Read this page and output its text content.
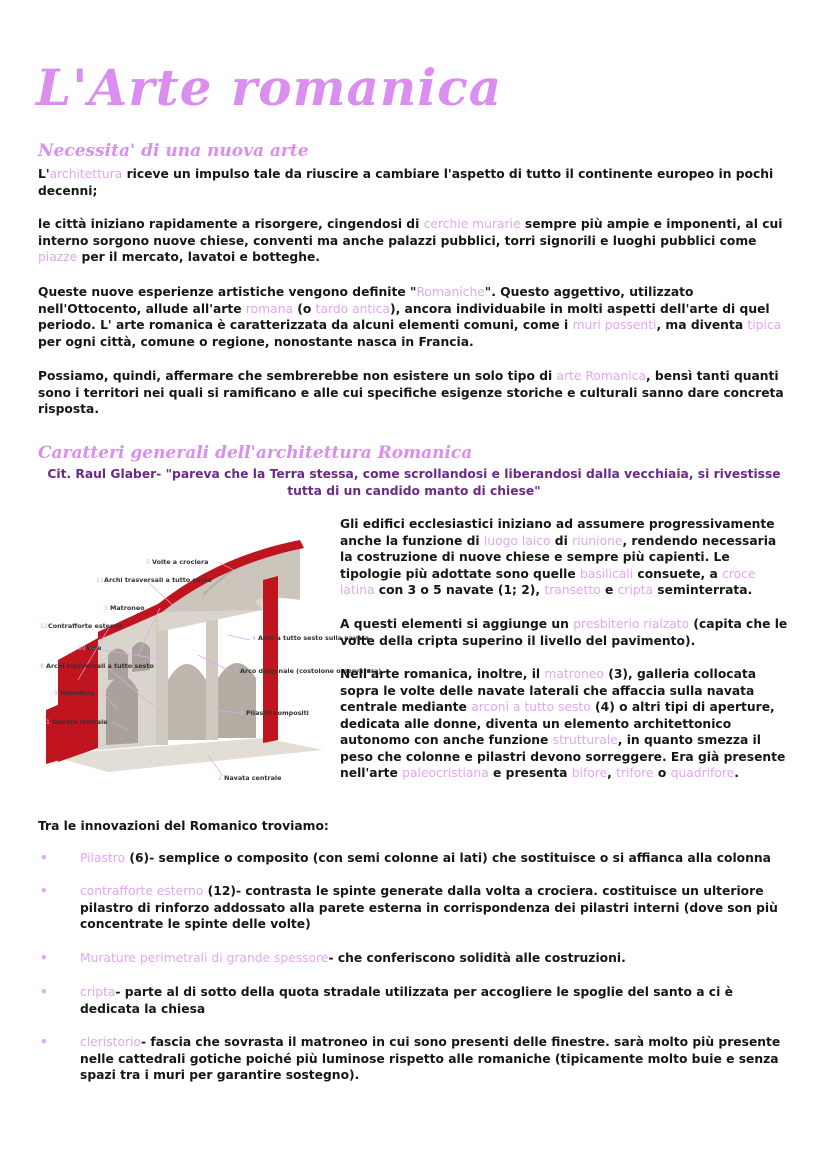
L'Arte romanica
Necessita' di una nuova arte

L'architettura riceve un impulso tale da riuscire a cambiare l'aspetto di tutto il continente europeo in pochi decenni;

le città iniziano rapidamente a risorgere, cingendosi di cerchie murarie sempre più ampie e imponenti, al cui interno sorgono nuove chiese, conventi ma anche palazzi pubblici, torri signorili e luoghi pubblici come piazze per il mercato, lavatoi e botteghe.

Queste nuove esperienze artistiche vengono definite "Romaniche". Questo aggettivo, utilizzato nell'Ottocento, allude all'arte romana (o tardo antica), ancora individuabile in molti aspetti dell'arte di quel periodo. L' arte romanica è caratterizzata da alcuni elementi comuni, come i muri possenti, ma diventa tipica per ogni città, comune o regione, nonostante nasca in Francia.

Possiamo, quindi, affermare che sembrerebbe non esistere un solo tipo di arte Romanica, bensì tanti quanti sono i territori nei quali si ramificano e alle cui specifiche esigenze storiche e culturali sanno dare concreta risposta.

Caratteri generali dell'architettura Romanica

Cit. Raul Glaber- "pareva che la Terra stessa, come scrollandosi e liberandosi dalla vecchiaia, si rivestisse tutta di un candido manto di chiese"

5 Volte a crociera
11 Archi trasversali a tutto sesto
3 Matroneo
12 Contrafforte esterno
10 Vele
8 Archi trasversali a tutto sesto
9 Monofora
1 Navata laterale
4 Arco a tutto sesto sulla navata
7 Arco diagonale (costolone o nervatura)
6 Pilastri compositi
2 Navata centrale

Gli edifici ecclesiastici iniziano ad assumere progressivamente anche la funzione di luogo laico di riunione, rendendo necessaria la costruzione di nuove chiese e sempre più capienti. Le tipologie più adottate sono quelle basilicali consuete, a croce latina con 3 o 5 navate (1; 2), transetto e cripta seminterrata.

A questi elementi si aggiunge un presbiterio rialzato (capita che le volte della cripta superino il livello del pavimento).

Nell'arte romanica, inoltre, il matroneo (3), galleria collocata sopra le volte delle navate laterali che affaccia sulla navata centrale mediante arconi a tutto sesto (4) o altri tipi di aperture, dedicata alle donne, diventa un elemento architettonico autonomo con anche funzione strutturale, in quanto smezza il peso che colonne e pilastri devono sorreggere. Era già presente nell'arte paleocristiana e presenta bifore, trifore o quadrifore.

Tra le innovazioni del Romanico troviamo:

•	Pilastro (6)- semplice o composito (con semi colonne ai lati) che sostituisce o si affianca alla colonna

•	contrafforte esterno (12)- contrasta le spinte generate dalla volta a crociera. costituisce un ulteriore pilastro di rinforzo addossato alla parete esterna in corrispondenza dei pilastri interni (dove son più concentrate le spinte delle volte)

•	Murature perimetrali di grande spessore- che conferiscono solidità alle costruzioni.

•	cripta- parte al di sotto della quota stradale utilizzata per accogliere le spoglie del santo a ci è dedicata la chiesa

•	cleristorio- fascia che sovrasta il matroneo in cui sono presenti delle finestre. sarà molto più presente nelle cattedrali gotiche poiché più luminose rispetto alle romaniche (tipicamente molto buie e senza spazi tra i muri per garantire sostegno).
